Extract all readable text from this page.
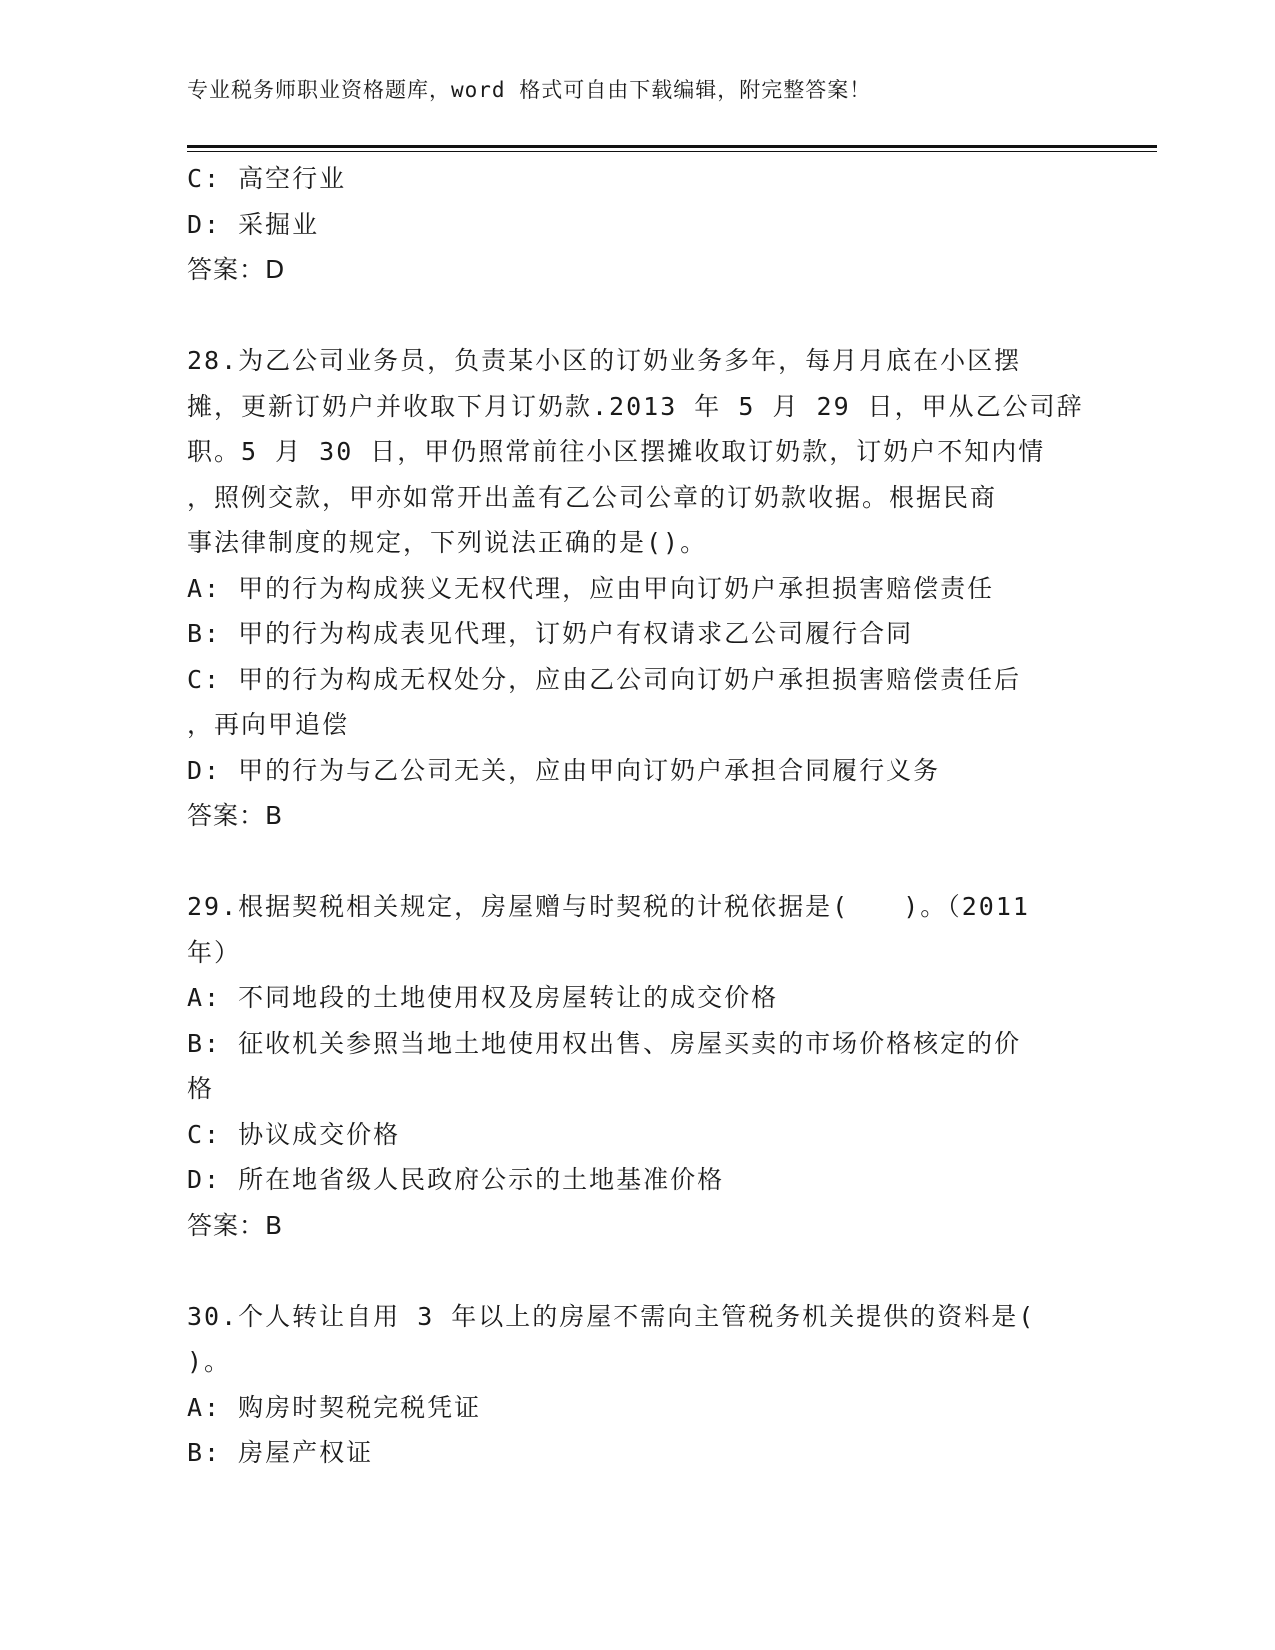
专业税务师职业资格题库，word 格式可自由下载编辑，附完整答案！
C: 高空行业
D: 采掘业
答案：D
28.为乙公司业务员，负责某小区的订奶业务多年，每月月底在小区摆
摊，更新订奶户并收取下月订奶款.2013 年 5 月 29 日，甲从乙公司辞
职。5 月 30 日，甲仍照常前往小区摆摊收取订奶款，订奶户不知内情
，照例交款，甲亦如常开出盖有乙公司公章的订奶款收据。根据民商
事法律制度的规定，下列说法正确的是()。
A: 甲的行为构成狭义无权代理，应由甲向订奶户承担损害赔偿责任
B: 甲的行为构成表见代理，订奶户有权请求乙公司履行合同
C: 甲的行为构成无权处分，应由乙公司向订奶户承担损害赔偿责任后
，再向甲追偿
D: 甲的行为与乙公司无关，应由甲向订奶户承担合同履行义务
答案：B
29.根据契税相关规定，房屋赠与时契税的计税依据是(　　)。（2011
年）
A: 不同地段的土地使用权及房屋转让的成交价格
B: 征收机关参照当地土地使用权出售、房屋买卖的市场价格核定的价
格
C: 协议成交价格
D: 所在地省级人民政府公示的土地基准价格
答案：B
30.个人转让自用 3 年以上的房屋不需向主管税务机关提供的资料是(
)。
A: 购房时契税完税凭证
B: 房屋产权证
